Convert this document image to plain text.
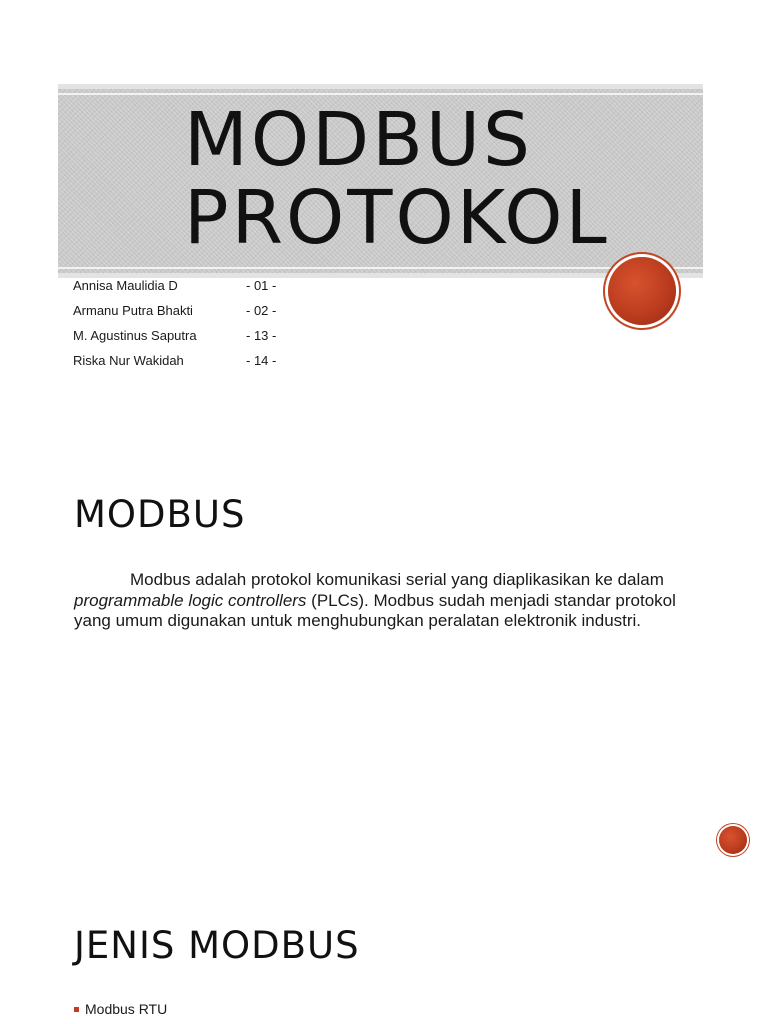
MODBUS
PROTOKOL
Annisa Maulidia D	- 01 -
Armanu Putra Bhakti	- 02 -
M. Agustinus Saputra	- 13 -
Riska Nur Wakidah	- 14 -
MODBUS

Modbus adalah protokol komunikasi serial yang diaplikasikan ke dalam programmable logic controllers (PLCs). Modbus sudah menjadi standar protokol yang umum digunakan untuk menghubungkan peralatan elektronik industri.

JENIS MODBUS
Modbus RTU
